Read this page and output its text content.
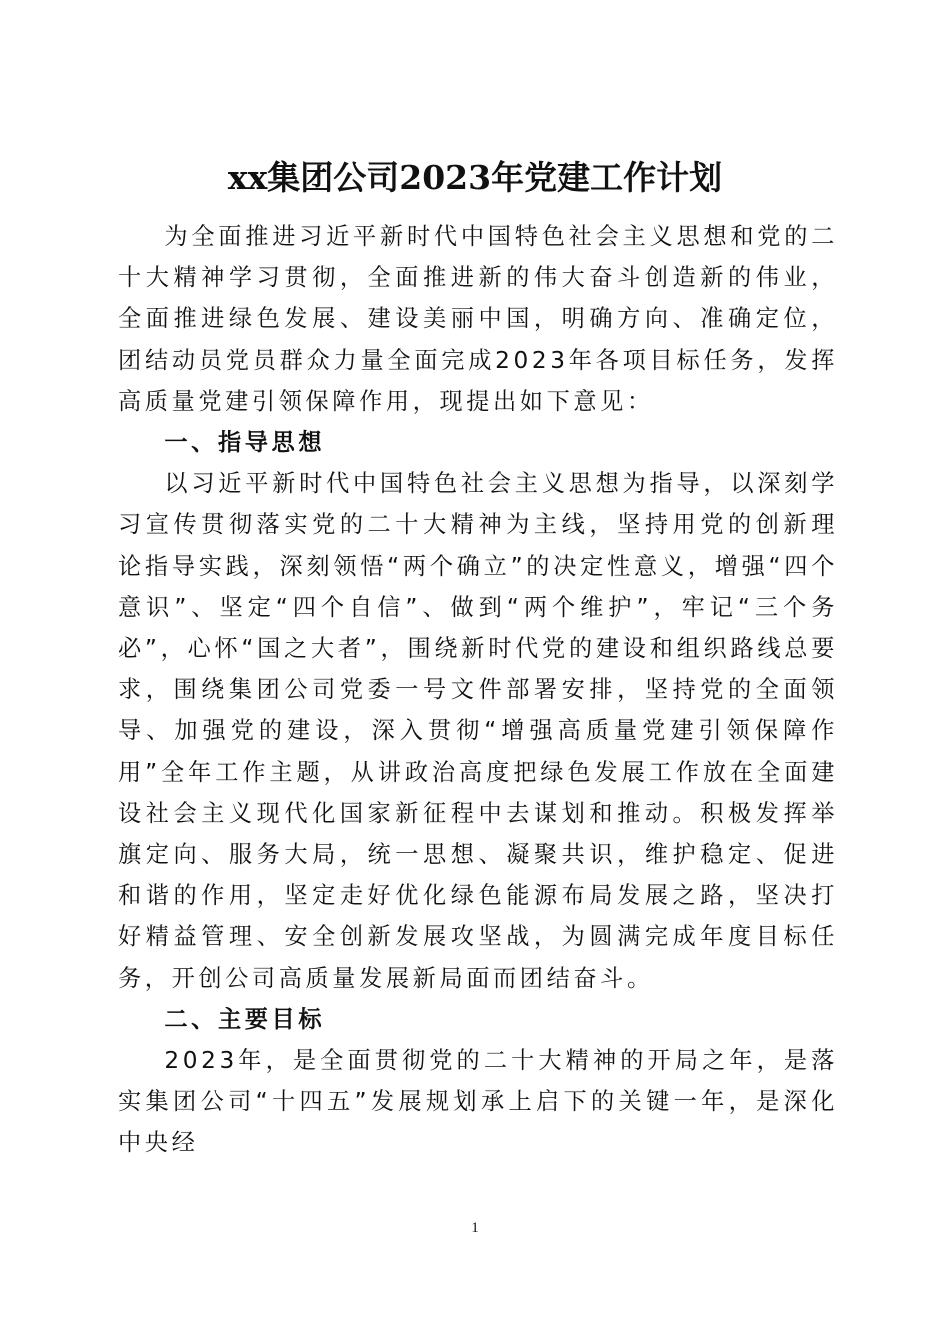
xx集团公司2023年党建工作计划

为全面推进习近平新时代中国特色社会主义思想和党的二十大精神学习贯彻，全面推进新的伟大奋斗创造新的伟业，全面推进绿色发展、建设美丽中国，明确方向、准确定位，团结动员党员群众力量全面完成2023年各项目标任务，发挥高质量党建引领保障作用，现提出如下意见：

一、指导思想

以习近平新时代中国特色社会主义思想为指导，以深刻学习宣传贯彻落实党的二十大精神为主线，坚持用党的创新理论指导实践，深刻领悟“两个确立”的决定性意义，增强“四个意识”、坚定“四个自信”、做到“两个维护”，牢记“三个务必”，心怀“国之大者”，围绕新时代党的建设和组织路线总要求，围绕集团公司党委一号文件部署安排，坚持党的全面领导、加强党的建设，深入贯彻“增强高质量党建引领保障作用”全年工作主题，从讲政治高度把绿色发展工作放在全面建设社会主义现代化国家新征程中去谋划和推动。积极发挥举旗定向、服务大局，统一思想、凝聚共识，维护稳定、促进和谐的作用，坚定走好优化绿色能源布局发展之路，坚决打好精益管理、安全创新发展攻坚战，为圆满完成年度目标任务，开创公司高质量发展新局面而团结奋斗。

二、主要目标

2023年，是全面贯彻党的二十大精神的开局之年，是落实集团公司“十四五”发展规划承上启下的关键一年，是深化中央经

1
